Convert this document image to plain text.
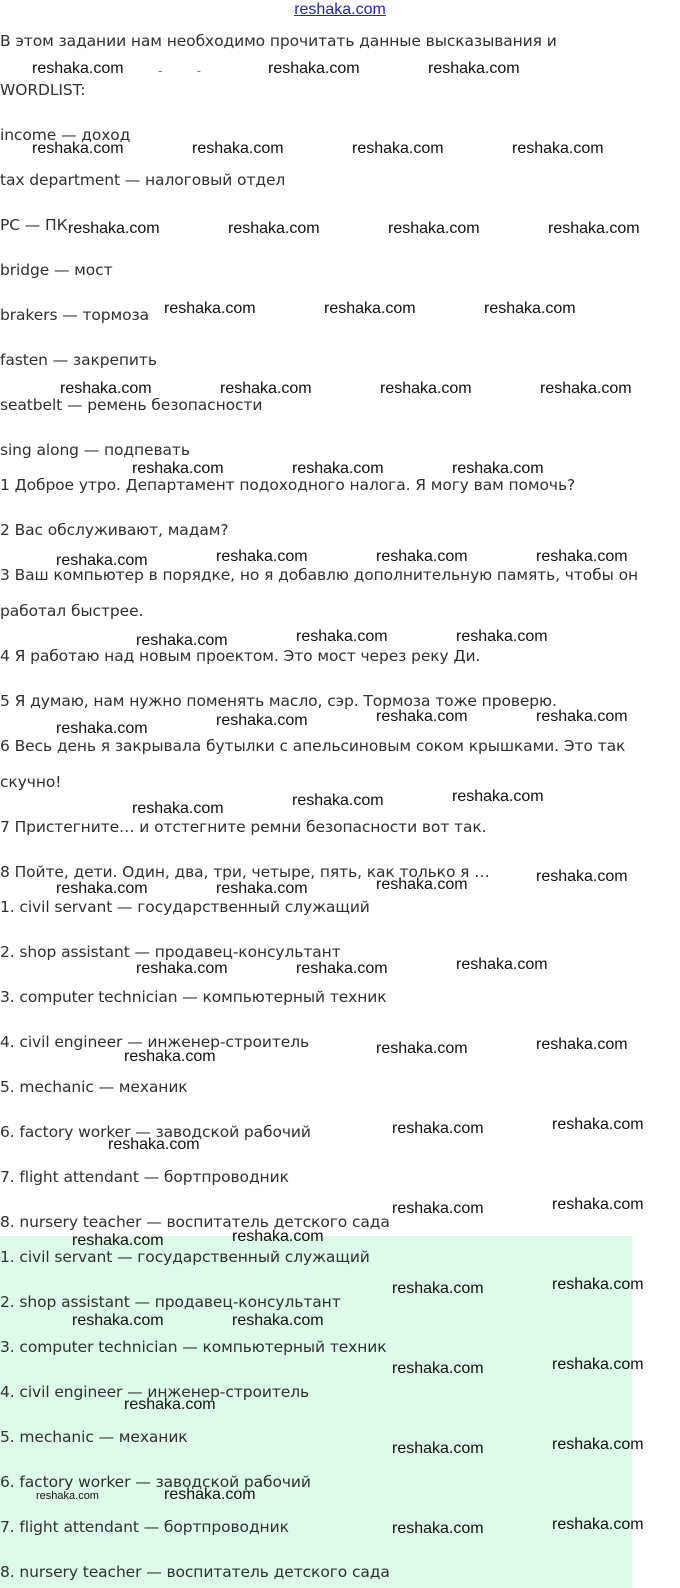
reshaka.com
В этом задании нам необходимо прочитать данные высказывания и
-         -                   -
WORDLIST:
income — доход
tax department — налоговый отдел
PC — ПК
bridge — мост
brakers — тормоза
fasten — закрепить
seatbelt — ремень безопасности
sing along — подпевать
1 Доброе утро. Департамент подоходного налога. Я могу вам помочь?
2 Вас обслуживают, мадам?
3 Ваш компьютер в порядке, но я добавлю дополнительную память, чтобы он
работал быстрее.
4 Я работаю над новым проектом. Это мост через реку Ди.
5 Я думаю, нам нужно поменять масло, сэр. Тормоза тоже проверю.
6 Весь день я закрывала бутылки с апельсиновым соком крышками. Это так
скучно!
7 Пристегните… и отстегните ремни безопасности вот так.
8 Пойте, дети. Один, два, три, четыре, пять, как только я …
1. civil servant — государственный служащий
2. shop assistant — продавец-консультант
3. computer technician — компьютерный техник
4. civil engineer — инженер-строитель
5. mechanic — механик
6. factory worker — заводской рабочий
7. flight attendant — бортпроводник
8. nursery teacher — воспитатель детского сада
1. civil servant — государственный служащий
2. shop assistant — продавец-консультант
3. computer technician — компьютерный техник
4. civil engineer — инженер-строитель
5. mechanic — механик
6. factory worker — заводской рабочий
7. flight attendant — бортпроводник
8. nursery teacher — воспитатель детского сада
reshaka.com	reshaka.com	reshaka.com
reshaka.com	reshaka.com	reshaka.com	reshaka.com
reshaka.com	reshaka.com	reshaka.com	reshaka.com
reshaka.com	reshaka.com	reshaka.com
reshaka.com	reshaka.com	reshaka.com	reshaka.com
reshaka.com	reshaka.com	reshaka.com
reshaka.com	reshaka.com	reshaka.com	reshaka.com
reshaka.com	reshaka.com	reshaka.com
reshaka.com	reshaka.com	reshaka.com	reshaka.com
reshaka.com	reshaka.com	reshaka.com
reshaka.com	reshaka.com	reshaka.com	reshaka.com
reshaka.com	reshaka.com	reshaka.com
reshaka.com	reshaka.com	reshaka.com
reshaka.com
reshaka.com	reshaka.com
reshaka.com	reshaka.com
reshaka.com	reshaka.com
reshaka.com	reshaka.com
reshaka.com	reshaka.com
reshaka.com
reshaka.com	reshaka.com
reshaka.com	reshaka.com
reshaka.com	reshaka.com
reshaka.com	reshaka.com
